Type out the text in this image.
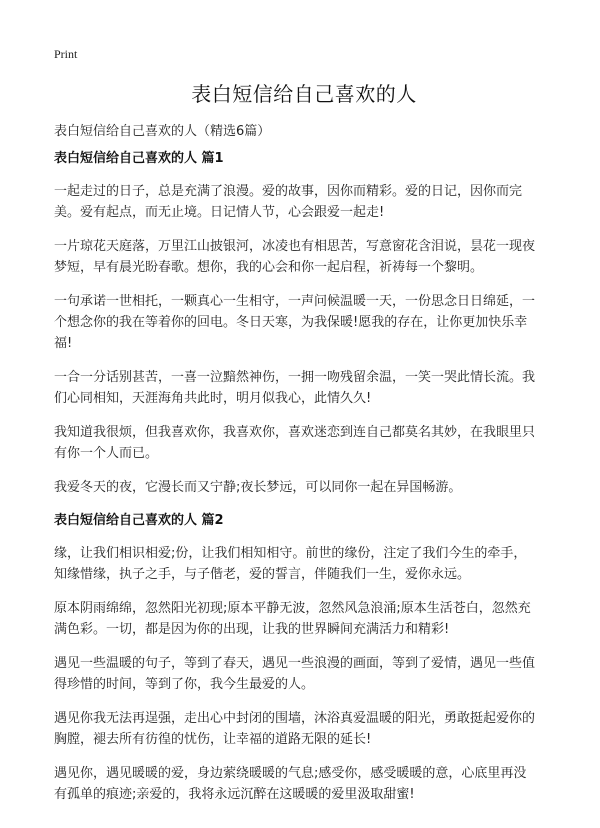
Print
表白短信给自己喜欢的人
表白短信给自己喜欢的人（精选6篇）
表白短信给自己喜欢的人 篇1

一起走过的日子，总是充满了浪漫。爱的故事，因你而精彩。爱的日记，因你而完美。爱有起点，而无止境。日记情人节，心会跟爱一起走!

一片琼花天庭落，万里江山披银河，冰凌也有相思苦，写意窗花含泪说，昙花一现夜梦短，早有晨光盼春歌。想你，我的心会和你一起启程，祈祷每一个黎明。

一句承诺一世相托，一颗真心一生相守，一声问候温暖一天，一份思念日日绵延，一个想念你的我在等着你的回电。冬日天寒，为我保暖!愿我的存在，让你更加快乐幸福!

一合一分话别甚苦，一喜一泣黯然神伤，一拥一吻残留余温，一笑一哭此情长流。我们心同相知，天涯海角共此时，明月似我心，此情久久!

我知道我很烦，但我喜欢你，我喜欢你，喜欢迷恋到连自己都莫名其妙，在我眼里只有你一个人而已。

我爱冬天的夜，它漫长而又宁静;夜长梦远，可以同你一起在异国畅游。

表白短信给自己喜欢的人 篇2

缘，让我们相识相爱;份，让我们相知相守。前世的缘份，注定了我们今生的牵手，知缘惜缘，执子之手，与子偕老，爱的誓言，伴随我们一生，爱你永远。

原本阴雨绵绵，忽然阳光初现;原本平静无波，忽然风急浪涌;原本生活苍白，忽然充满色彩。一切，都是因为你的出现，让我的世界瞬间充满活力和精彩!

遇见一些温暖的句子，等到了春天，遇见一些浪漫的画面，等到了爱情，遇见一些值得珍惜的时间，等到了你，我今生最爱的人。

遇见你我无法再逞强，走出心中封闭的围墙，沐浴真爱温暖的阳光，勇敢挺起爱你的胸膛，褪去所有彷徨的忧伤，让幸福的道路无限的延长!

遇见你，遇见暖暖的爱，身边萦绕暖暖的气息;感受你，感受暖暖的意，心底里再没有孤单的痕迹;亲爱的，我将永远沉醉在这暖暖的爱里汲取甜蜜!
